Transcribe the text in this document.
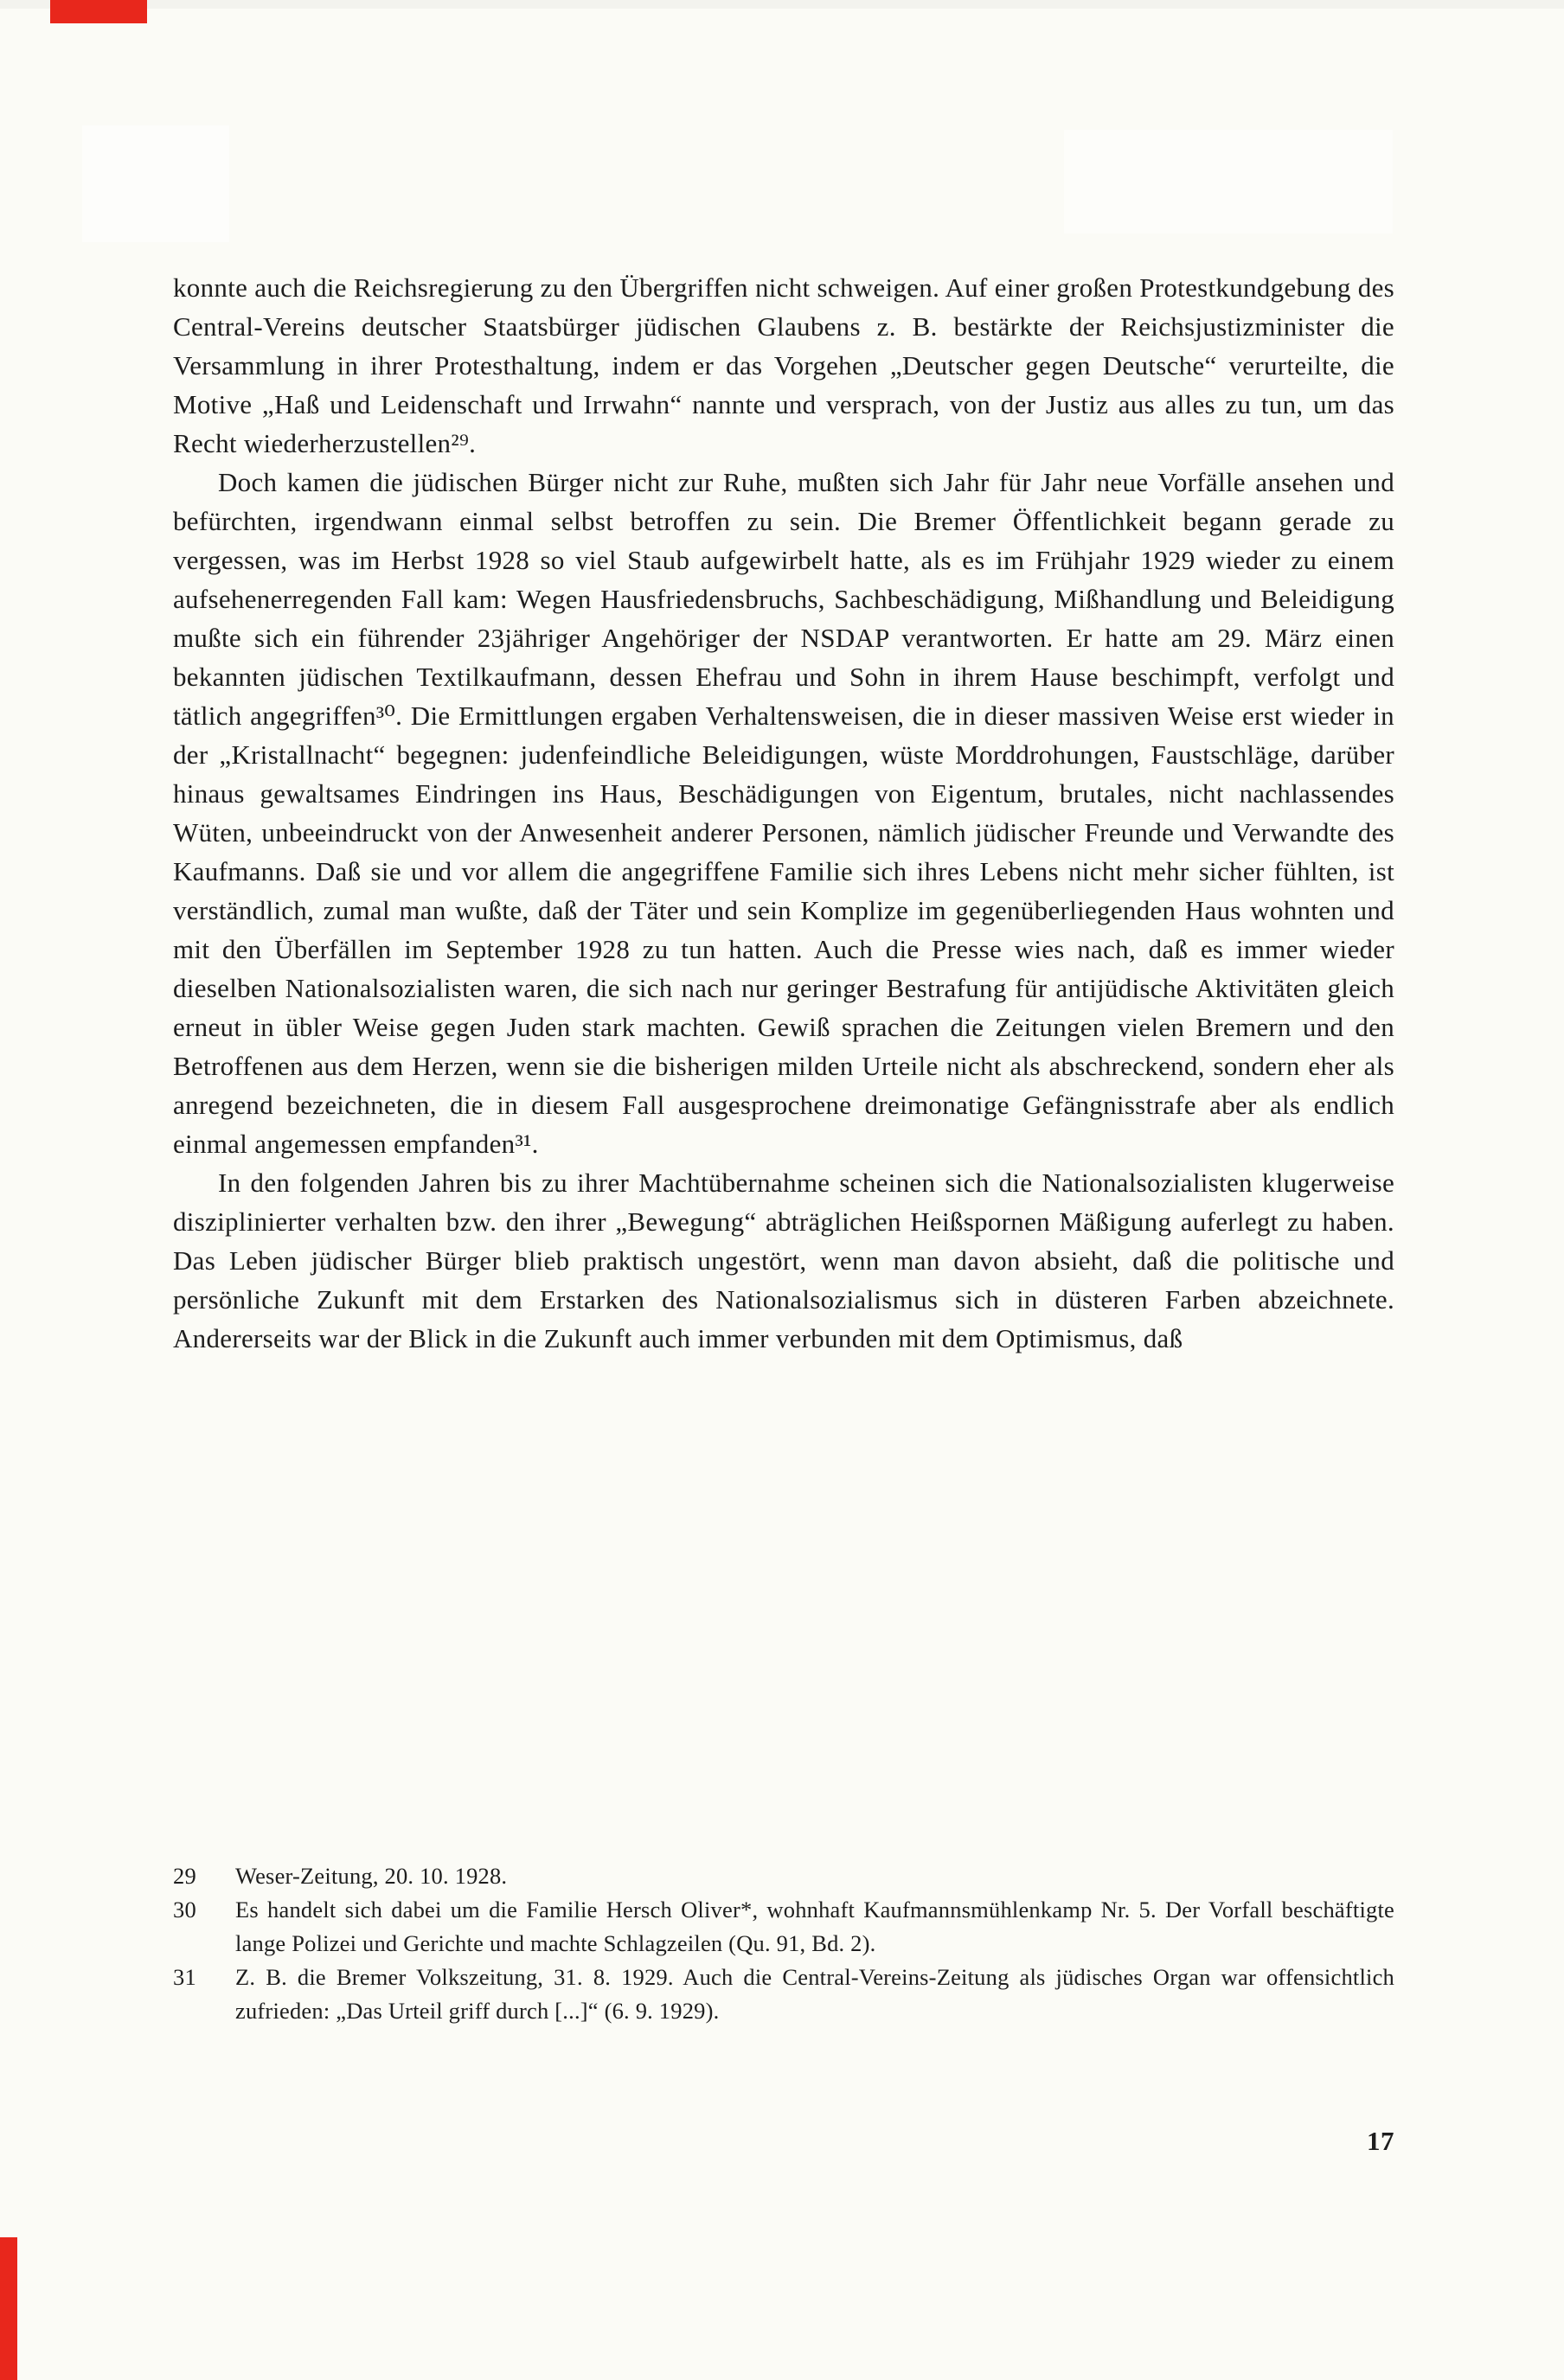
konnte auch die Reichsregierung zu den Übergriffen nicht schweigen. Auf einer großen Protestkundgebung des Central-Vereins deutscher Staatsbürger jüdischen Glaubens z. B. bestärkte der Reichsjustizminister die Versammlung in ihrer Protesthaltung, indem er das Vorgehen „Deutscher gegen Deutsche“ verurteilte, die Motive „Haß und Leidenschaft und Irrwahn“ nannte und versprach, von der Justiz aus alles zu tun, um das Recht wiederherzustellen²⁹.

Doch kamen die jüdischen Bürger nicht zur Ruhe, mußten sich Jahr für Jahr neue Vorfälle ansehen und befürchten, irgendwann einmal selbst betroffen zu sein. Die Bremer Öffentlichkeit begann gerade zu vergessen, was im Herbst 1928 so viel Staub aufgewirbelt hatte, als es im Frühjahr 1929 wieder zu einem aufsehenerregenden Fall kam: Wegen Hausfriedensbruchs, Sachbeschädigung, Mißhandlung und Beleidigung mußte sich ein führender 23jähriger Angehöriger der NSDAP verantworten. Er hatte am 29. März einen bekannten jüdischen Textilkaufmann, dessen Ehefrau und Sohn in ihrem Hause beschimpft, verfolgt und tätlich angegriffen³⁰. Die Ermittlungen ergaben Verhaltensweisen, die in dieser massiven Weise erst wieder in der „Kristallnacht“ begegnen: judenfeindliche Beleidigungen, wüste Morddrohungen, Faustschläge, darüber hinaus gewaltsames Eindringen ins Haus, Beschädigungen von Eigentum, brutales, nicht nachlassendes Wüten, unbeeindruckt von der Anwesenheit anderer Personen, nämlich jüdischer Freunde und Verwandte des Kaufmanns. Daß sie und vor allem die angegriffene Familie sich ihres Lebens nicht mehr sicher fühlten, ist verständlich, zumal man wußte, daß der Täter und sein Komplize im gegenüberliegenden Haus wohnten und mit den Überfällen im September 1928 zu tun hatten. Auch die Presse wies nach, daß es immer wieder dieselben Nationalsozialisten waren, die sich nach nur geringer Bestrafung für antijüdische Aktivitäten gleich erneut in übler Weise gegen Juden stark machten. Gewiß sprachen die Zeitungen vielen Bremern und den Betroffenen aus dem Herzen, wenn sie die bisherigen milden Urteile nicht als abschreckend, sondern eher als anregend bezeichneten, die in diesem Fall ausgesprochene dreimonatige Gefängnisstrafe aber als endlich einmal angemessen empfanden³¹.

In den folgenden Jahren bis zu ihrer Machtübernahme scheinen sich die Nationalsozialisten klugerweise disziplinierter verhalten bzw. den ihrer „Bewegung“ abträglichen Heißspornen Mäßigung auferlegt zu haben. Das Leben jüdischer Bürger blieb praktisch ungestört, wenn man davon absieht, daß die politische und persönliche Zukunft mit dem Erstarken des Nationalsozialismus sich in düsteren Farben abzeichnete. Andererseits war der Blick in die Zukunft auch immer verbunden mit dem Optimismus, daß

29	Weser-Zeitung, 20. 10. 1928.
30	Es handelt sich dabei um die Familie Hersch Oliver*, wohnhaft Kaufmannsmühlenkamp Nr. 5. Der Vorfall beschäftigte lange Polizei und Gerichte und machte Schlagzeilen (Qu. 91, Bd. 2).
31	Z. B. die Bremer Volkszeitung, 31. 8. 1929. Auch die Central-Vereins-Zeitung als jüdisches Organ war offensichtlich zufrieden: „Das Urteil griff durch [...]“ (6. 9. 1929).
17
